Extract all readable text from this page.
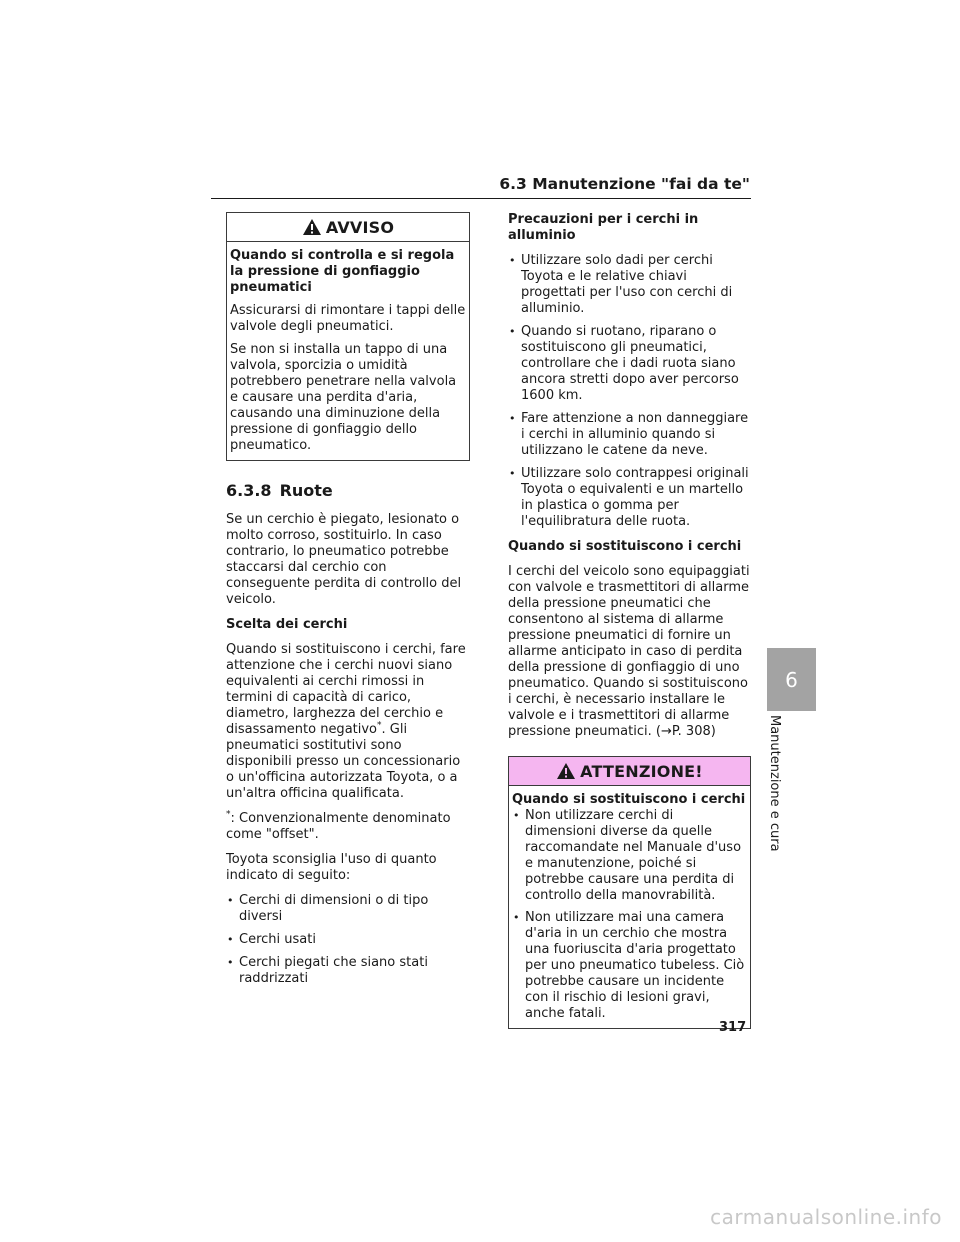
6.3 Manutenzione "fai da te"
AVVISO

Quando si controlla e si regola la pressione di gonfiaggio pneumatici

Assicurarsi di rimontare i tappi delle valvole degli pneumatici.

Se non si installa un tappo di una valvola, sporcizia o umidità potrebbero penetrare nella valvola e causare una perdita d'aria, causando una diminuzione della pressione di gonfiaggio dello pneumatico.

6.3.8 Ruote

Se un cerchio è piegato, lesionato o molto corroso, sostituirlo. In caso contrario, lo pneumatico potrebbe staccarsi dal cerchio con conseguente perdita di controllo del veicolo.

Scelta dei cerchi

Quando si sostituiscono i cerchi, fare attenzione che i cerchi nuovi siano equivalenti ai cerchi rimossi in termini di capacità di carico, diametro, larghezza del cerchio e disassamento negativo*. Gli pneumatici sostitutivi sono disponibili presso un concessionario o un'officina autorizzata Toyota, o a un'altra officina qualificata.

*: Convenzionalmente denominato come "offset".

Toyota sconsiglia l'uso di quanto indicato di seguito:

• Cerchi di dimensioni o di tipo diversi
• Cerchi usati
• Cerchi piegati che siano stati raddrizzati
Precauzioni per i cerchi in alluminio
• Utilizzare solo dadi per cerchi Toyota e le relative chiavi progettati per l'uso con cerchi di alluminio.
• Quando si ruotano, riparano o sostituiscono gli pneumatici, controllare che i dadi ruota siano ancora stretti dopo aver percorso 1600 km.
• Fare attenzione a non danneggiare i cerchi in alluminio quando si utilizzano le catene da neve.
• Utilizzare solo contrappesi originali Toyota o equivalenti e un martello in plastica o gomma per l'equilibratura delle ruota.
Quando si sostituiscono i cerchi

I cerchi del veicolo sono equipaggiati con valvole e trasmettitori di allarme della pressione pneumatici che consentono al sistema di allarme pressione pneumatici di fornire un allarme anticipato in caso di perdita della pressione di gonfiaggio di uno pneumatico. Quando si sostituiscono i cerchi, è necessario installare le valvole e i trasmettitori di allarme pressione pneumatici. (→P. 308)

ATTENZIONE!

Quando si sostituiscono i cerchi

• Non utilizzare cerchi di dimensioni diverse da quelle raccomandate nel Manuale d'uso e manutenzione, poiché si potrebbe causare una perdita di controllo della manovrabilità.
• Non utilizzare mai una camera d'aria in un cerchio che mostra una fuoriuscita d'aria progettato per uno pneumatico tubeless. Ciò potrebbe causare un incidente con il rischio di lesioni gravi, anche fatali.
6
Manutenzione e cura
317
carmanualsonline.info
